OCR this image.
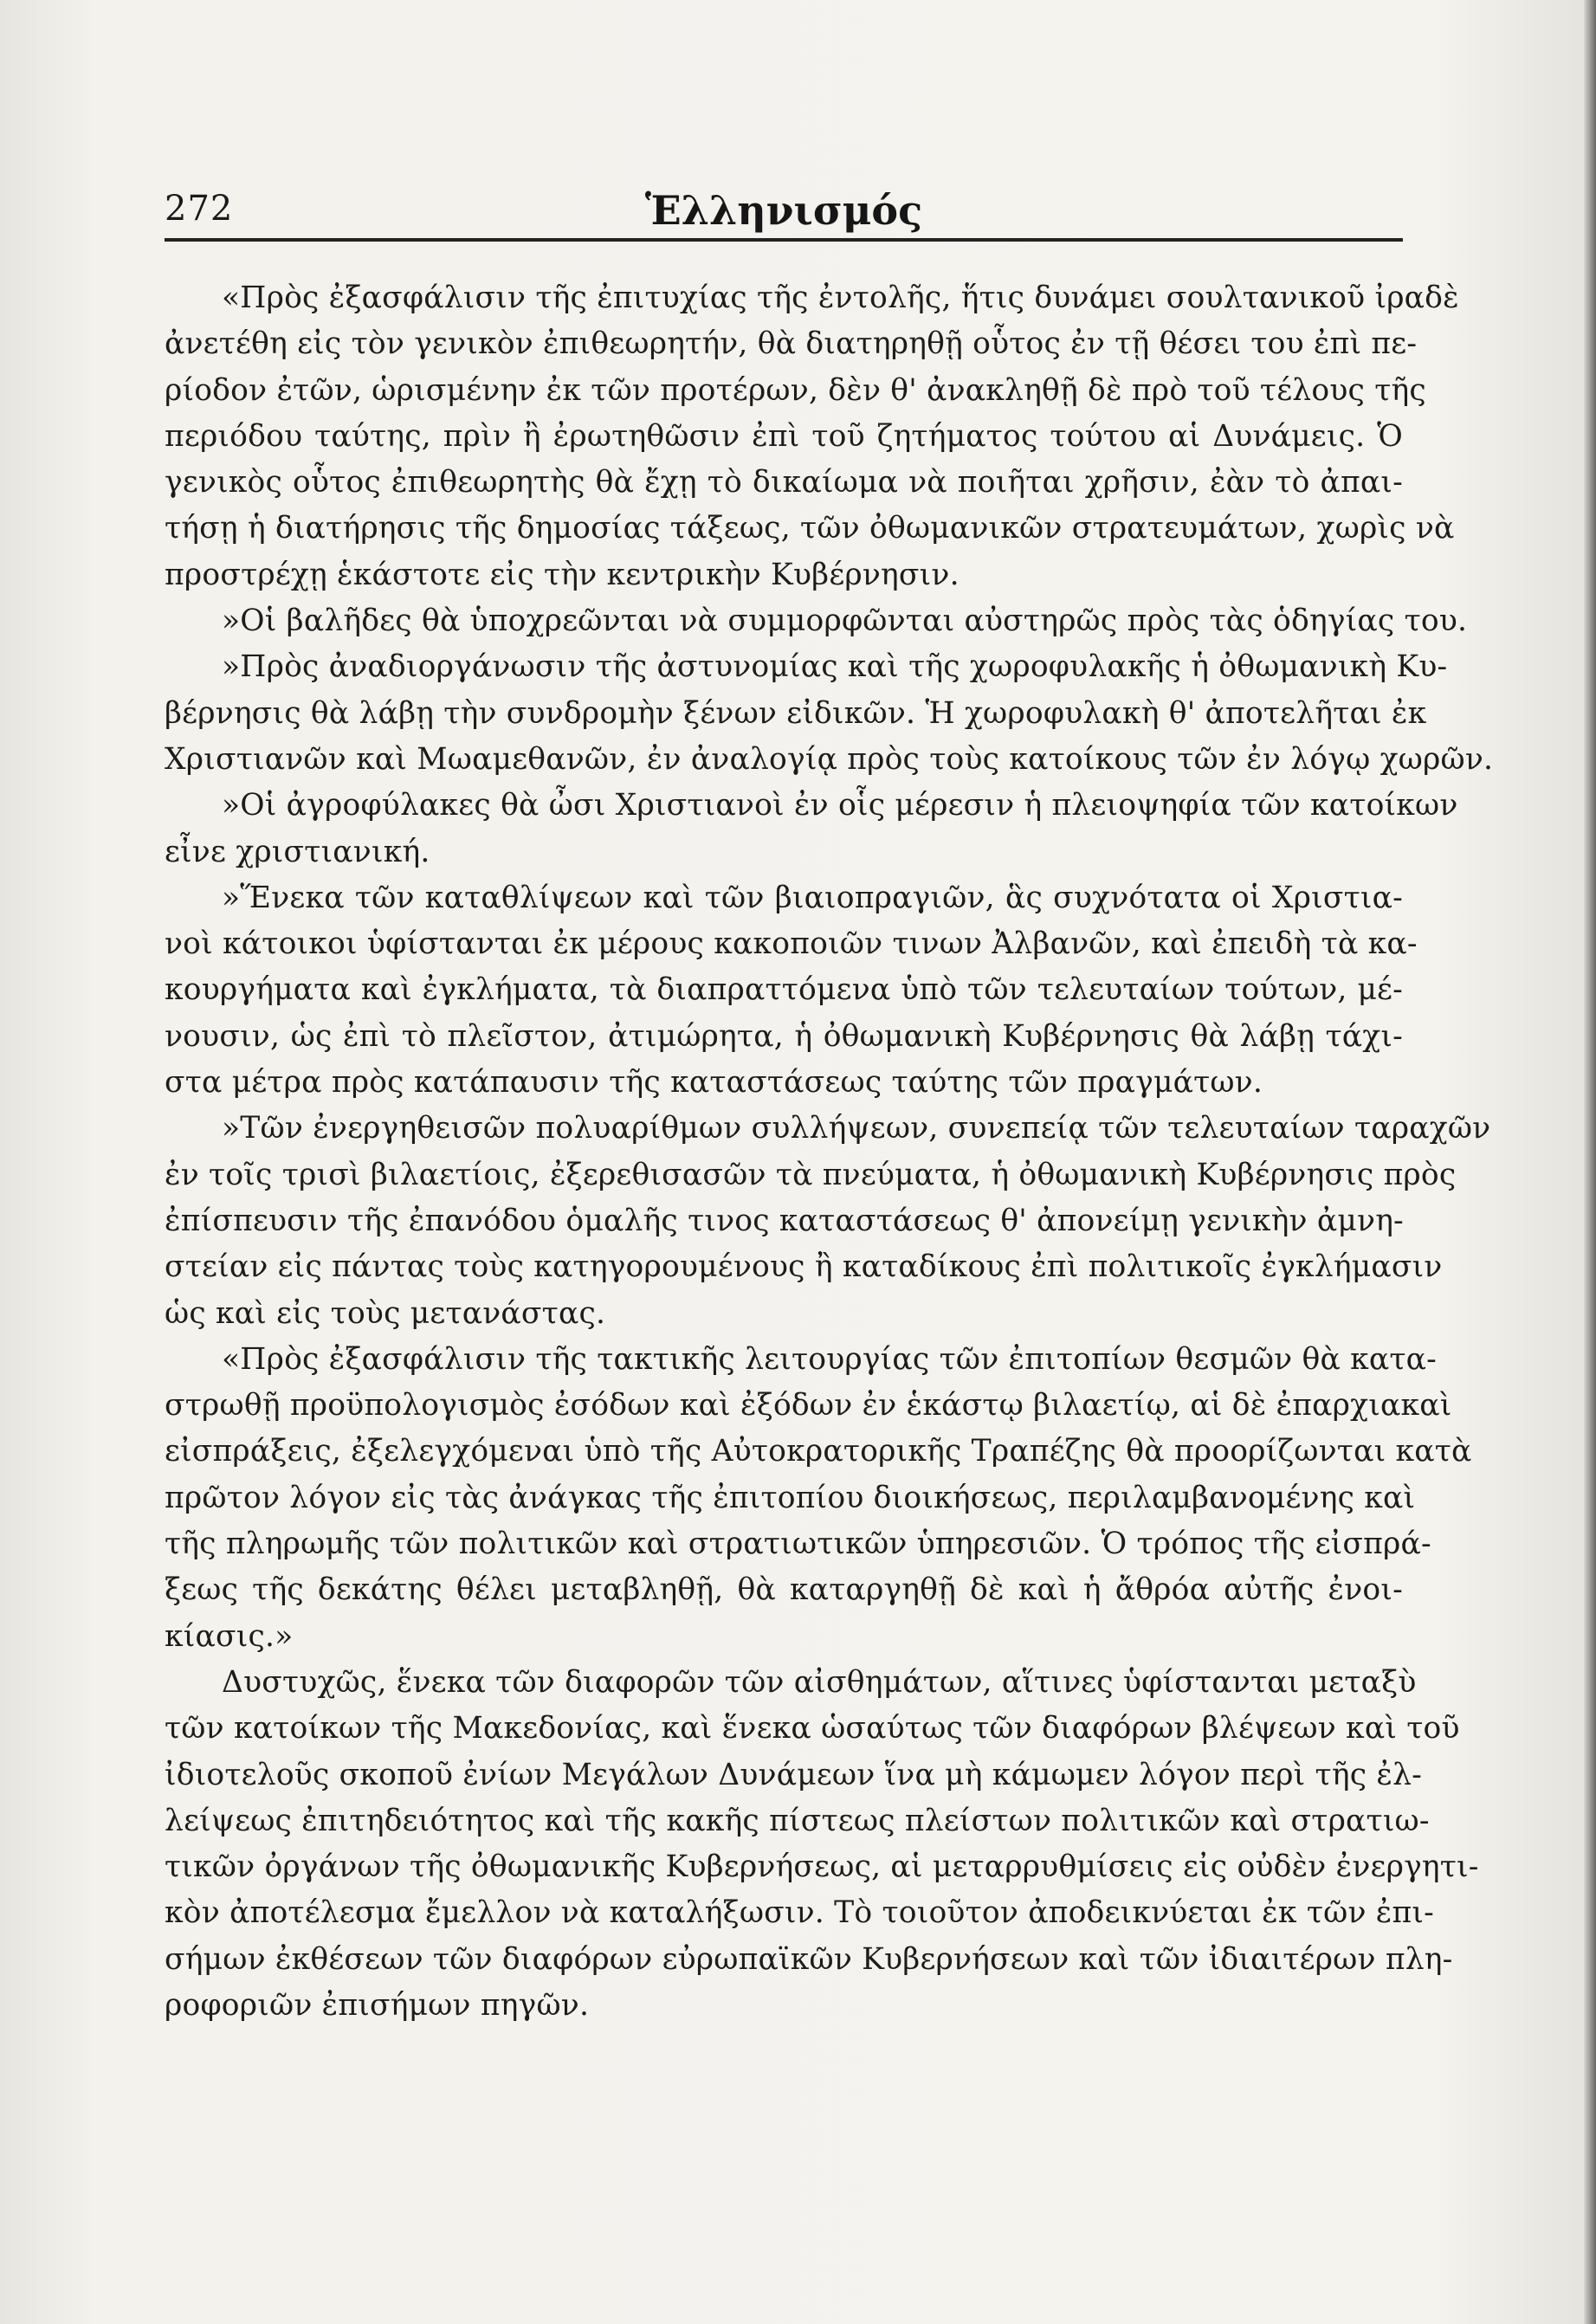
272	Ἑλληνισμός
«Πρὸς ἐξασφάλισιν τῆς ἐπιτυχίας τῆς ἐντολῆς, ἥτις δυνάμει σουλτανικοῦ ἰραδὲ
ἀνετέθη εἰς τὸν γενικὸν ἐπιθεωρητήν, θὰ διατηρηθῇ οὗτος ἐν τῇ θέσει του ἐπὶ πε-
ρίοδον ἐτῶν, ὡρισμένην ἐκ τῶν προτέρων, δὲν θ' ἀνακληθῇ δὲ πρὸ τοῦ τέλους τῆς
περιόδου ταύτης, πρὶν ἢ ἐρωτηθῶσιν ἐπὶ τοῦ ζητήματος τούτου αἱ Δυνάμεις. Ὁ
γενικὸς οὗτος ἐπιθεωρητὴς θὰ ἔχῃ τὸ δικαίωμα νὰ ποιῆται χρῆσιν, ἐὰν τὸ ἀπαι-
τήσῃ ἡ διατήρησις τῆς δημοσίας τάξεως, τῶν ὀθωμανικῶν στρατευμάτων, χωρὶς νὰ
προστρέχῃ ἑκάστοτε εἰς τὴν κεντρικὴν Κυβέρνησιν.
»Οἱ βαλῆδες θὰ ὑποχρεῶνται νὰ συμμορφῶνται αὐστηρῶς πρὸς τὰς ὁδηγίας του.
»Πρὸς ἀναδιοργάνωσιν τῆς ἀστυνομίας καὶ τῆς χωροφυλακῆς ἡ ὀθωμανικὴ Κυ-
βέρνησις θὰ λάβῃ τὴν συνδρομὴν ξένων εἰδικῶν. Ἡ χωροφυλακὴ θ' ἀποτελῆται ἐκ
Χριστιανῶν καὶ Μωαμεθανῶν, ἐν ἀναλογίᾳ πρὸς τοὺς κατοίκους τῶν ἐν λόγῳ χωρῶν.
»Οἱ ἀγροφύλακες θὰ ὦσι Χριστιανοὶ ἐν οἷς μέρεσιν ἡ πλειοψηφία τῶν κατοίκων
εἶνε χριστιανική.
»Ἕνεκα τῶν καταθλίψεων καὶ τῶν βιαιοπραγιῶν, ἃς συχνότατα οἱ Χριστια-
νοὶ κάτοικοι ὑφίστανται ἐκ μέρους κακοποιῶν τινων Ἀλβανῶν, καὶ ἐπειδὴ τὰ κα-
κουργήματα καὶ ἐγκλήματα, τὰ διαπραττόμενα ὑπὸ τῶν τελευταίων τούτων, μέ-
νουσιν, ὡς ἐπὶ τὸ πλεῖστον, ἀτιμώρητα, ἡ ὀθωμανικὴ Κυβέρνησις θὰ λάβῃ τάχι-
στα μέτρα πρὸς κατάπαυσιν τῆς καταστάσεως ταύτης τῶν πραγμάτων.
»Τῶν ἐνεργηθεισῶν πολυαρίθμων συλλήψεων, συνεπείᾳ τῶν τελευταίων ταραχῶν
ἐν τοῖς τρισὶ βιλαετίοις, ἐξερεθισασῶν τὰ πνεύματα, ἡ ὀθωμανικὴ Κυβέρνησις πρὸς
ἐπίσπευσιν τῆς ἐπανόδου ὁμαλῆς τινος καταστάσεως θ' ἀπονείμῃ γενικὴν ἀμνη-
στείαν εἰς πάντας τοὺς κατηγορουμένους ἢ καταδίκους ἐπὶ πολιτικοῖς ἐγκλήμασιν
ὡς καὶ εἰς τοὺς μετανάστας.
«Πρὸς ἐξασφάλισιν τῆς τακτικῆς λειτουργίας τῶν ἐπιτοπίων θεσμῶν θὰ κατα-
στρωθῇ προϋπολογισμὸς ἐσόδων καὶ ἐξόδων ἐν ἑκάστῳ βιλαετίῳ, αἱ δὲ ἐπαρχιακαὶ
εἰσπράξεις, ἐξελεγχόμεναι ὑπὸ τῆς Αὐτοκρατορικῆς Τραπέζης θὰ προορίζωνται κατὰ
πρῶτον λόγον εἰς τὰς ἀνάγκας τῆς ἐπιτοπίου διοικήσεως, περιλαμβανομένης καὶ
τῆς πληρωμῆς τῶν πολιτικῶν καὶ στρατιωτικῶν ὑπηρεσιῶν. Ὁ τρόπος τῆς εἰσπρά-
ξεως τῆς δεκάτης θέλει μεταβληθῇ, θὰ καταργηθῇ δὲ καὶ ἡ ἄθρόα αὐτῆς ἐνοι-
κίασις.»
Δυστυχῶς, ἕνεκα τῶν διαφορῶν τῶν αἰσθημάτων, αἵτινες ὑφίστανται μεταξὺ
τῶν κατοίκων τῆς Μακεδονίας, καὶ ἕνεκα ὡσαύτως τῶν διαφόρων βλέψεων καὶ τοῦ
ἰδιοτελοῦς σκοποῦ ἐνίων Μεγάλων Δυνάμεων ἵνα μὴ κάμωμεν λόγον περὶ τῆς ἐλ-
λείψεως ἐπιτηδειότητος καὶ τῆς κακῆς πίστεως πλείστων πολιτικῶν καὶ στρατιω-
τικῶν ὀργάνων τῆς ὀθωμανικῆς Κυβερνήσεως, αἱ μεταρρυθμίσεις εἰς οὐδὲν ἐνεργητι-
κὸν ἀποτέλεσμα ἔμελλον νὰ καταλήξωσιν. Τὸ τοιοῦτον ἀποδεικνύεται ἐκ τῶν ἐπι-
σήμων ἐκθέσεων τῶν διαφόρων εὐρωπαϊκῶν Κυβερνήσεων καὶ τῶν ἰδιαιτέρων πλη-
ροφοριῶν ἐπισήμων πηγῶν.
